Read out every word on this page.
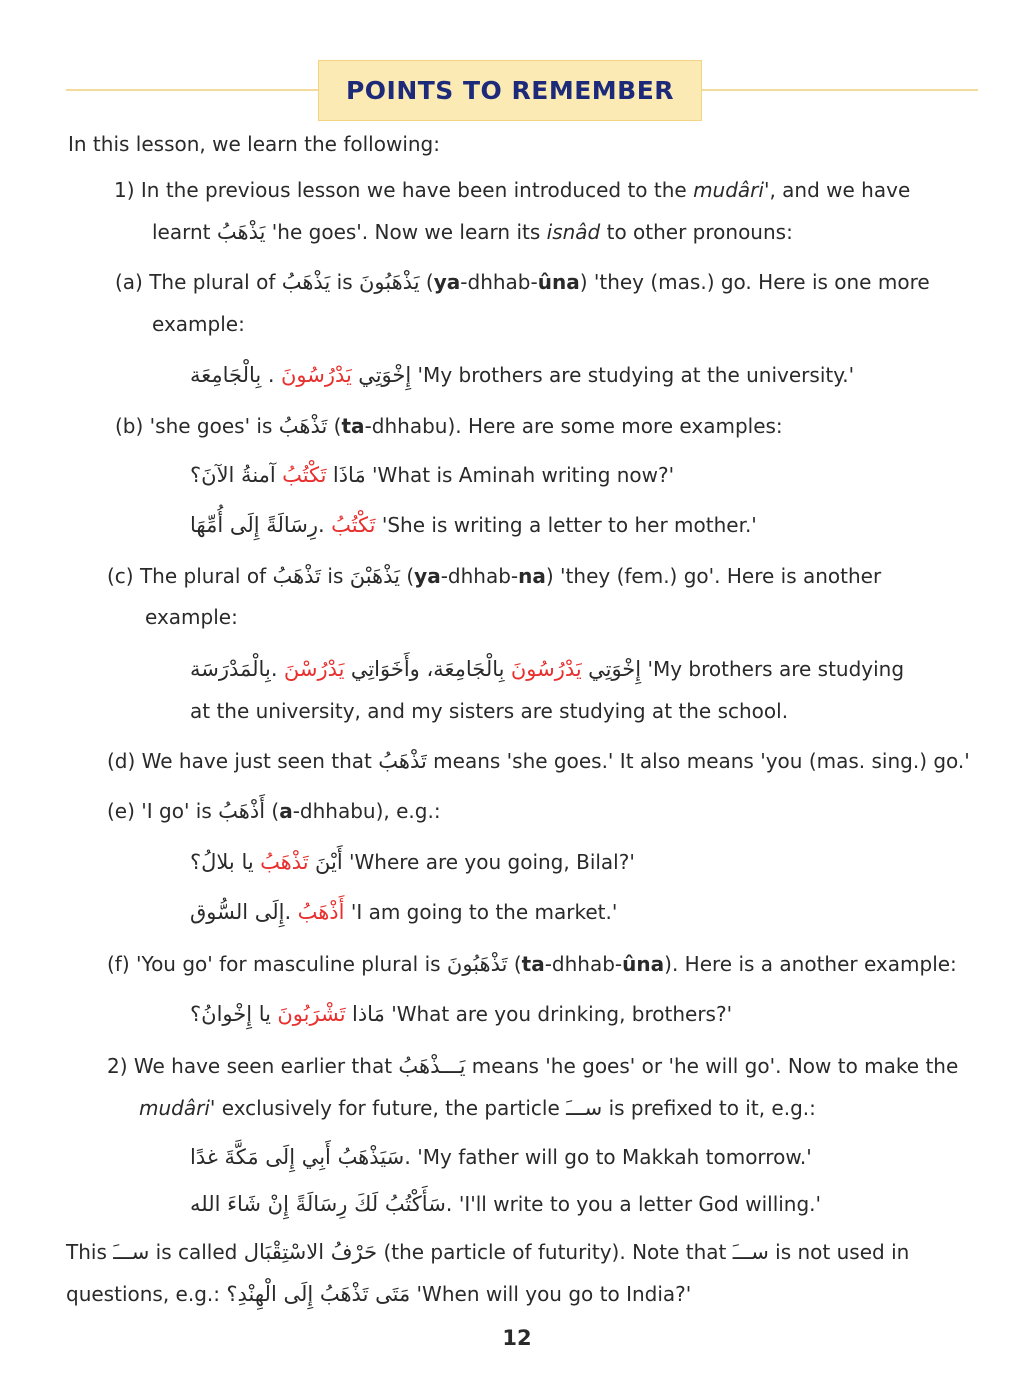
POINTS TO REMEMBER
In this lesson, we learn the following:
1) In the previous lesson we have been introduced to the mudâri', and we have
learnt يَذْهَبُ 'he goes'. Now we learn its isnâd to other pronouns:
(a) The plural of يَذْهَبُ is يَذْهَبُونَ (ya-dhhab-ûna) 'they (mas.) go. Here is one more
example:
بِالْجَامِعَة . يَدْرُسُونَ إِخْوَتِي 'My brothers are studying at the university.'
(b) 'she goes' is تَذْهَبُ (ta-dhhabu). Here are some more examples:
آمنةُ الآنَ؟ تَكْتُبُ مَاذَا 'What is Aminah writing now?'
رِسَالَةً إِلَى أُمِّهَا. تَكْتُبُ 'She is writing a letter to her mother.'
(c) The plural of تَذْهَبُ is يَذْهَبْنَ (ya-dhhab-na) 'they (fem.) go'. Here is another
example:
بِالْمَدْرَسَة. يَدْرُسْنَ بِالْجَامِعَة، وأَخَوَاتِي يَدْرُسُونَ إِخْوَتِي 'My brothers are studying
at the university, and my sisters are studying at the school.
(d) We have just seen that تَذْهَبُ means 'she goes.' It also means 'you (mas. sing.) go.'
(e) 'I go' is أَذْهَبُ (a-dhhabu), e.g.:
يا بلالُ؟ تَذْهَبُ أَيْنَ 'Where are you going, Bilal?'
إِلَى السُّوق. أَذْهَبُ 'I am going to the market.'
(f) 'You go' for masculine plural is تَذْهَبُونَ (ta-dhhab-ûna). Here is a another example:
يا إِخْوانُ؟ تَشْرَبُونَ مَاذا 'What are you drinking, brothers?'
2) We have seen earlier that يَـــذْهَبُ means 'he goes' or 'he will go'. Now to make the
mudâri' exclusively for future, the particle ســـَ is prefixed to it, e.g.:
سَيَذْهَبُ أَبِي إِلَى مَكَّةَ غدًا. 'My father will go to Makkah tomorrow.'
سَأَكْتُبُ لَكَ رِسَالَةً إِنْ شَاءَ الله. 'I'll write to you a letter God willing.'
This ســـَ is called حَرْفُ الاسْتِقْبَال (the particle of futurity). Note that ســـَ is not used in
questions, e.g.: مَتَى تَذْهَبُ إِلَى الْهِنْدِ؟ 'When will you go to India?'
12
